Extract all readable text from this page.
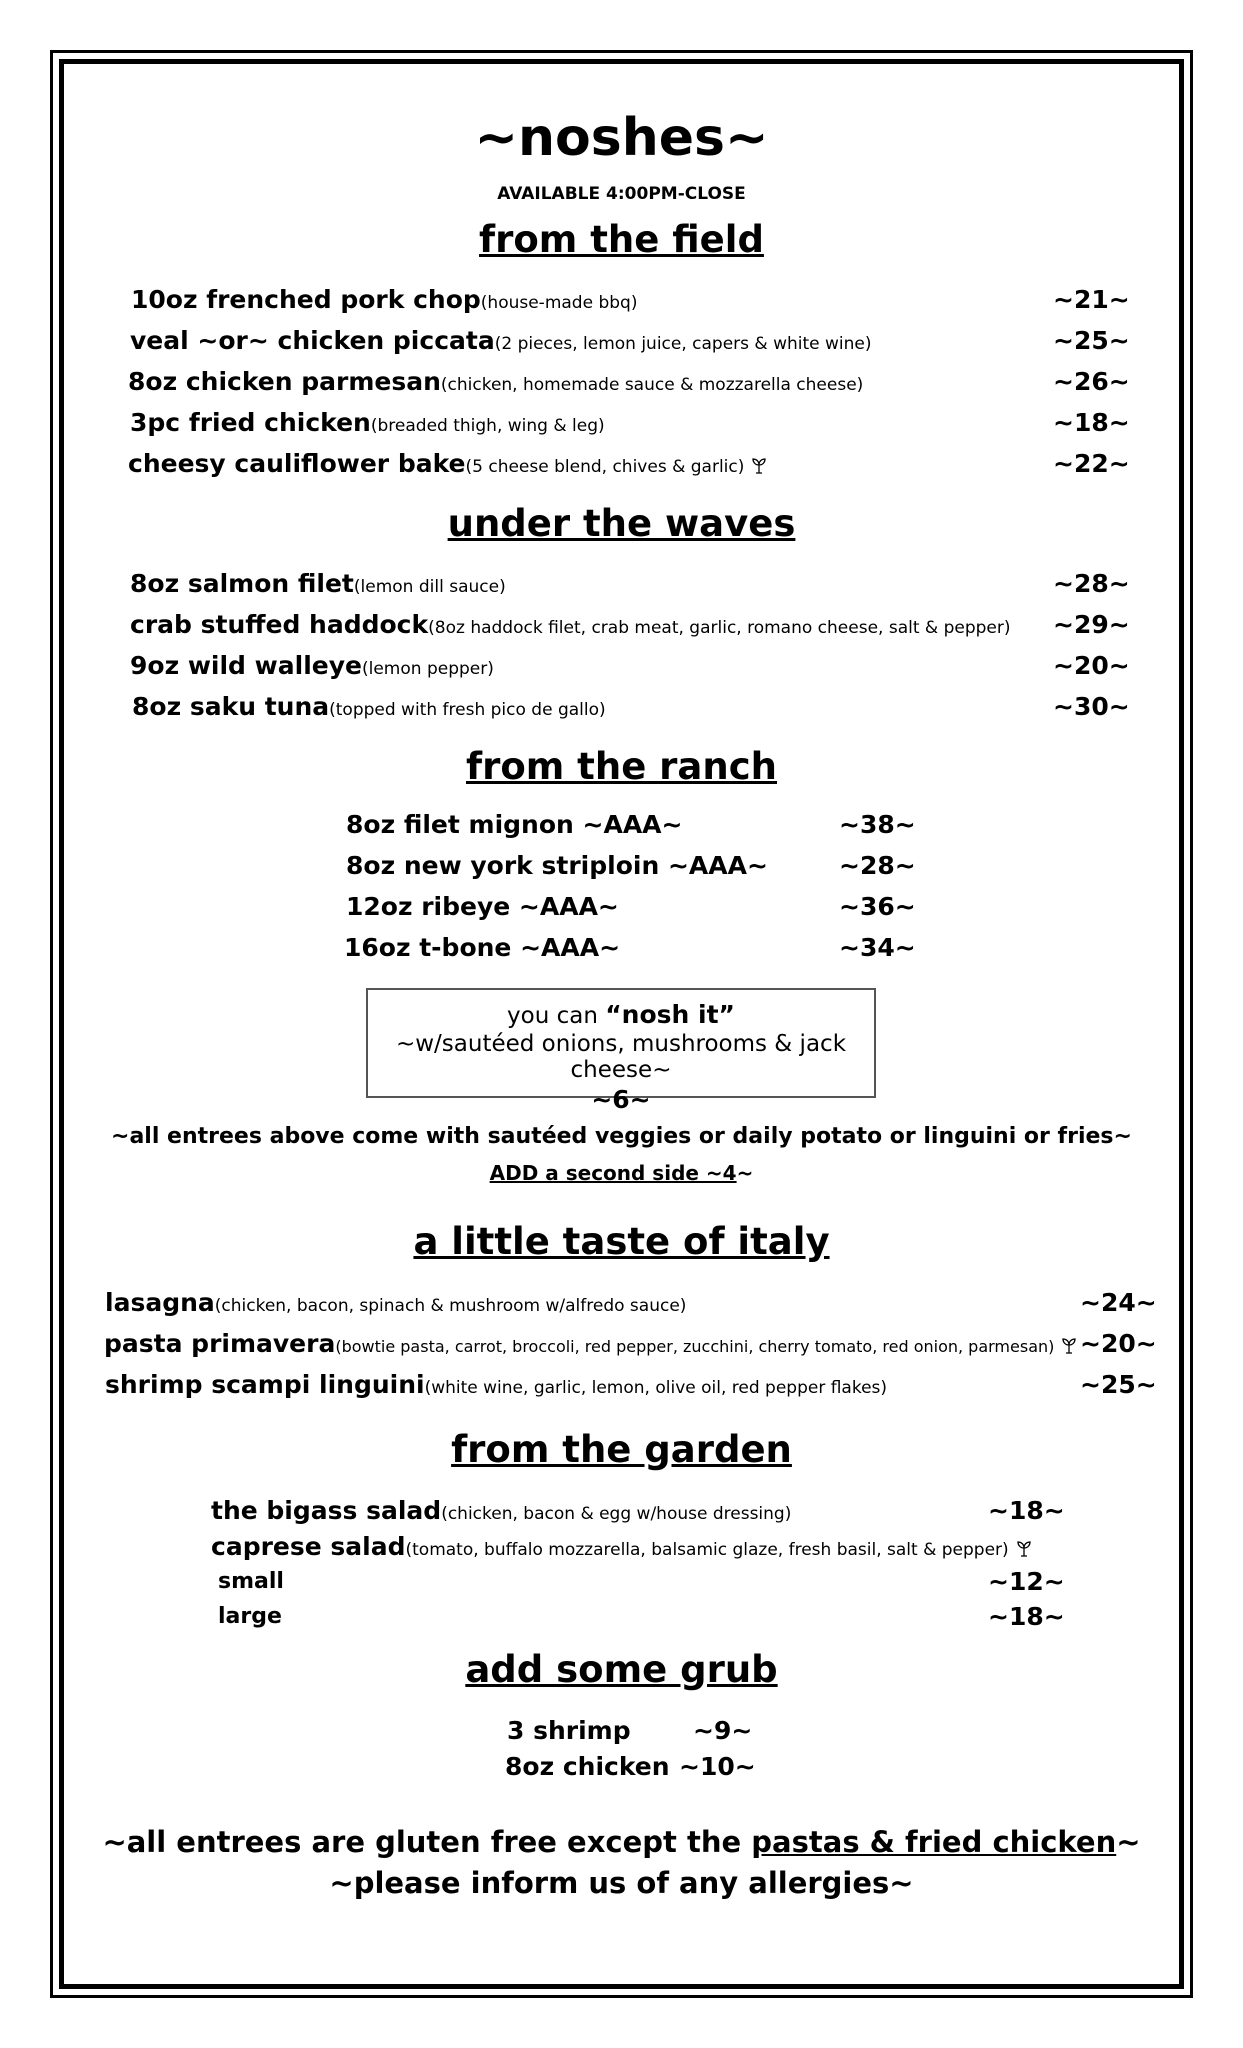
~noshes~
AVAILABLE 4:00PM-CLOSE
from the field
10oz frenched pork chop(house-made bbq)	~21~
veal ~or~ chicken piccata(2 pieces, lemon juice, capers & white wine)	~25~
8oz chicken parmesan(chicken, homemade sauce & mozzarella cheese)	~26~
3pc fried chicken(breaded thigh, wing & leg)	~18~
cheesy cauliflower bake(5 cheese blend, chives & garlic)	~22~
under the waves
8oz salmon filet(lemon dill sauce)	~28~
crab stuffed haddock(8oz haddock filet, crab meat, garlic, romano cheese, salt & pepper) ~29~
9oz wild walleye(lemon pepper)	~20~
8oz saku tuna(topped with fresh pico de gallo)	~30~
from the ranch
8oz filet mignon ~AAA~	~38~
8oz new york striploin ~AAA~	~28~
12oz ribeye ~AAA~	~36~
16oz t-bone ~AAA~	~34~
you can “nosh it”
~w/sautéed onions, mushrooms & jack cheese~
~6~
~all entrees above come with sautéed veggies or daily potato or linguini or fries~
ADD a second side ~4~
a little taste of italy
lasagna(chicken, bacon, spinach & mushroom w/alfredo sauce)	~24~
pasta primavera(bowtie pasta, carrot, broccoli, red pepper, zucchini, cherry tomato, red onion, parmesan)	~20~
shrimp scampi linguini(white wine, garlic, lemon, olive oil, red pepper flakes)	~25~
from the garden
the bigass salad(chicken, bacon & egg w/house dressing)	~18~
caprese salad(tomato, buffalo mozzarella, balsamic glaze, fresh basil, salt & pepper)
small	~12~
large	~18~
add some grub
3 shrimp ~9~
8oz chicken ~10~
~all entrees are gluten free except the pastas & fried chicken~
~please inform us of any allergies~
